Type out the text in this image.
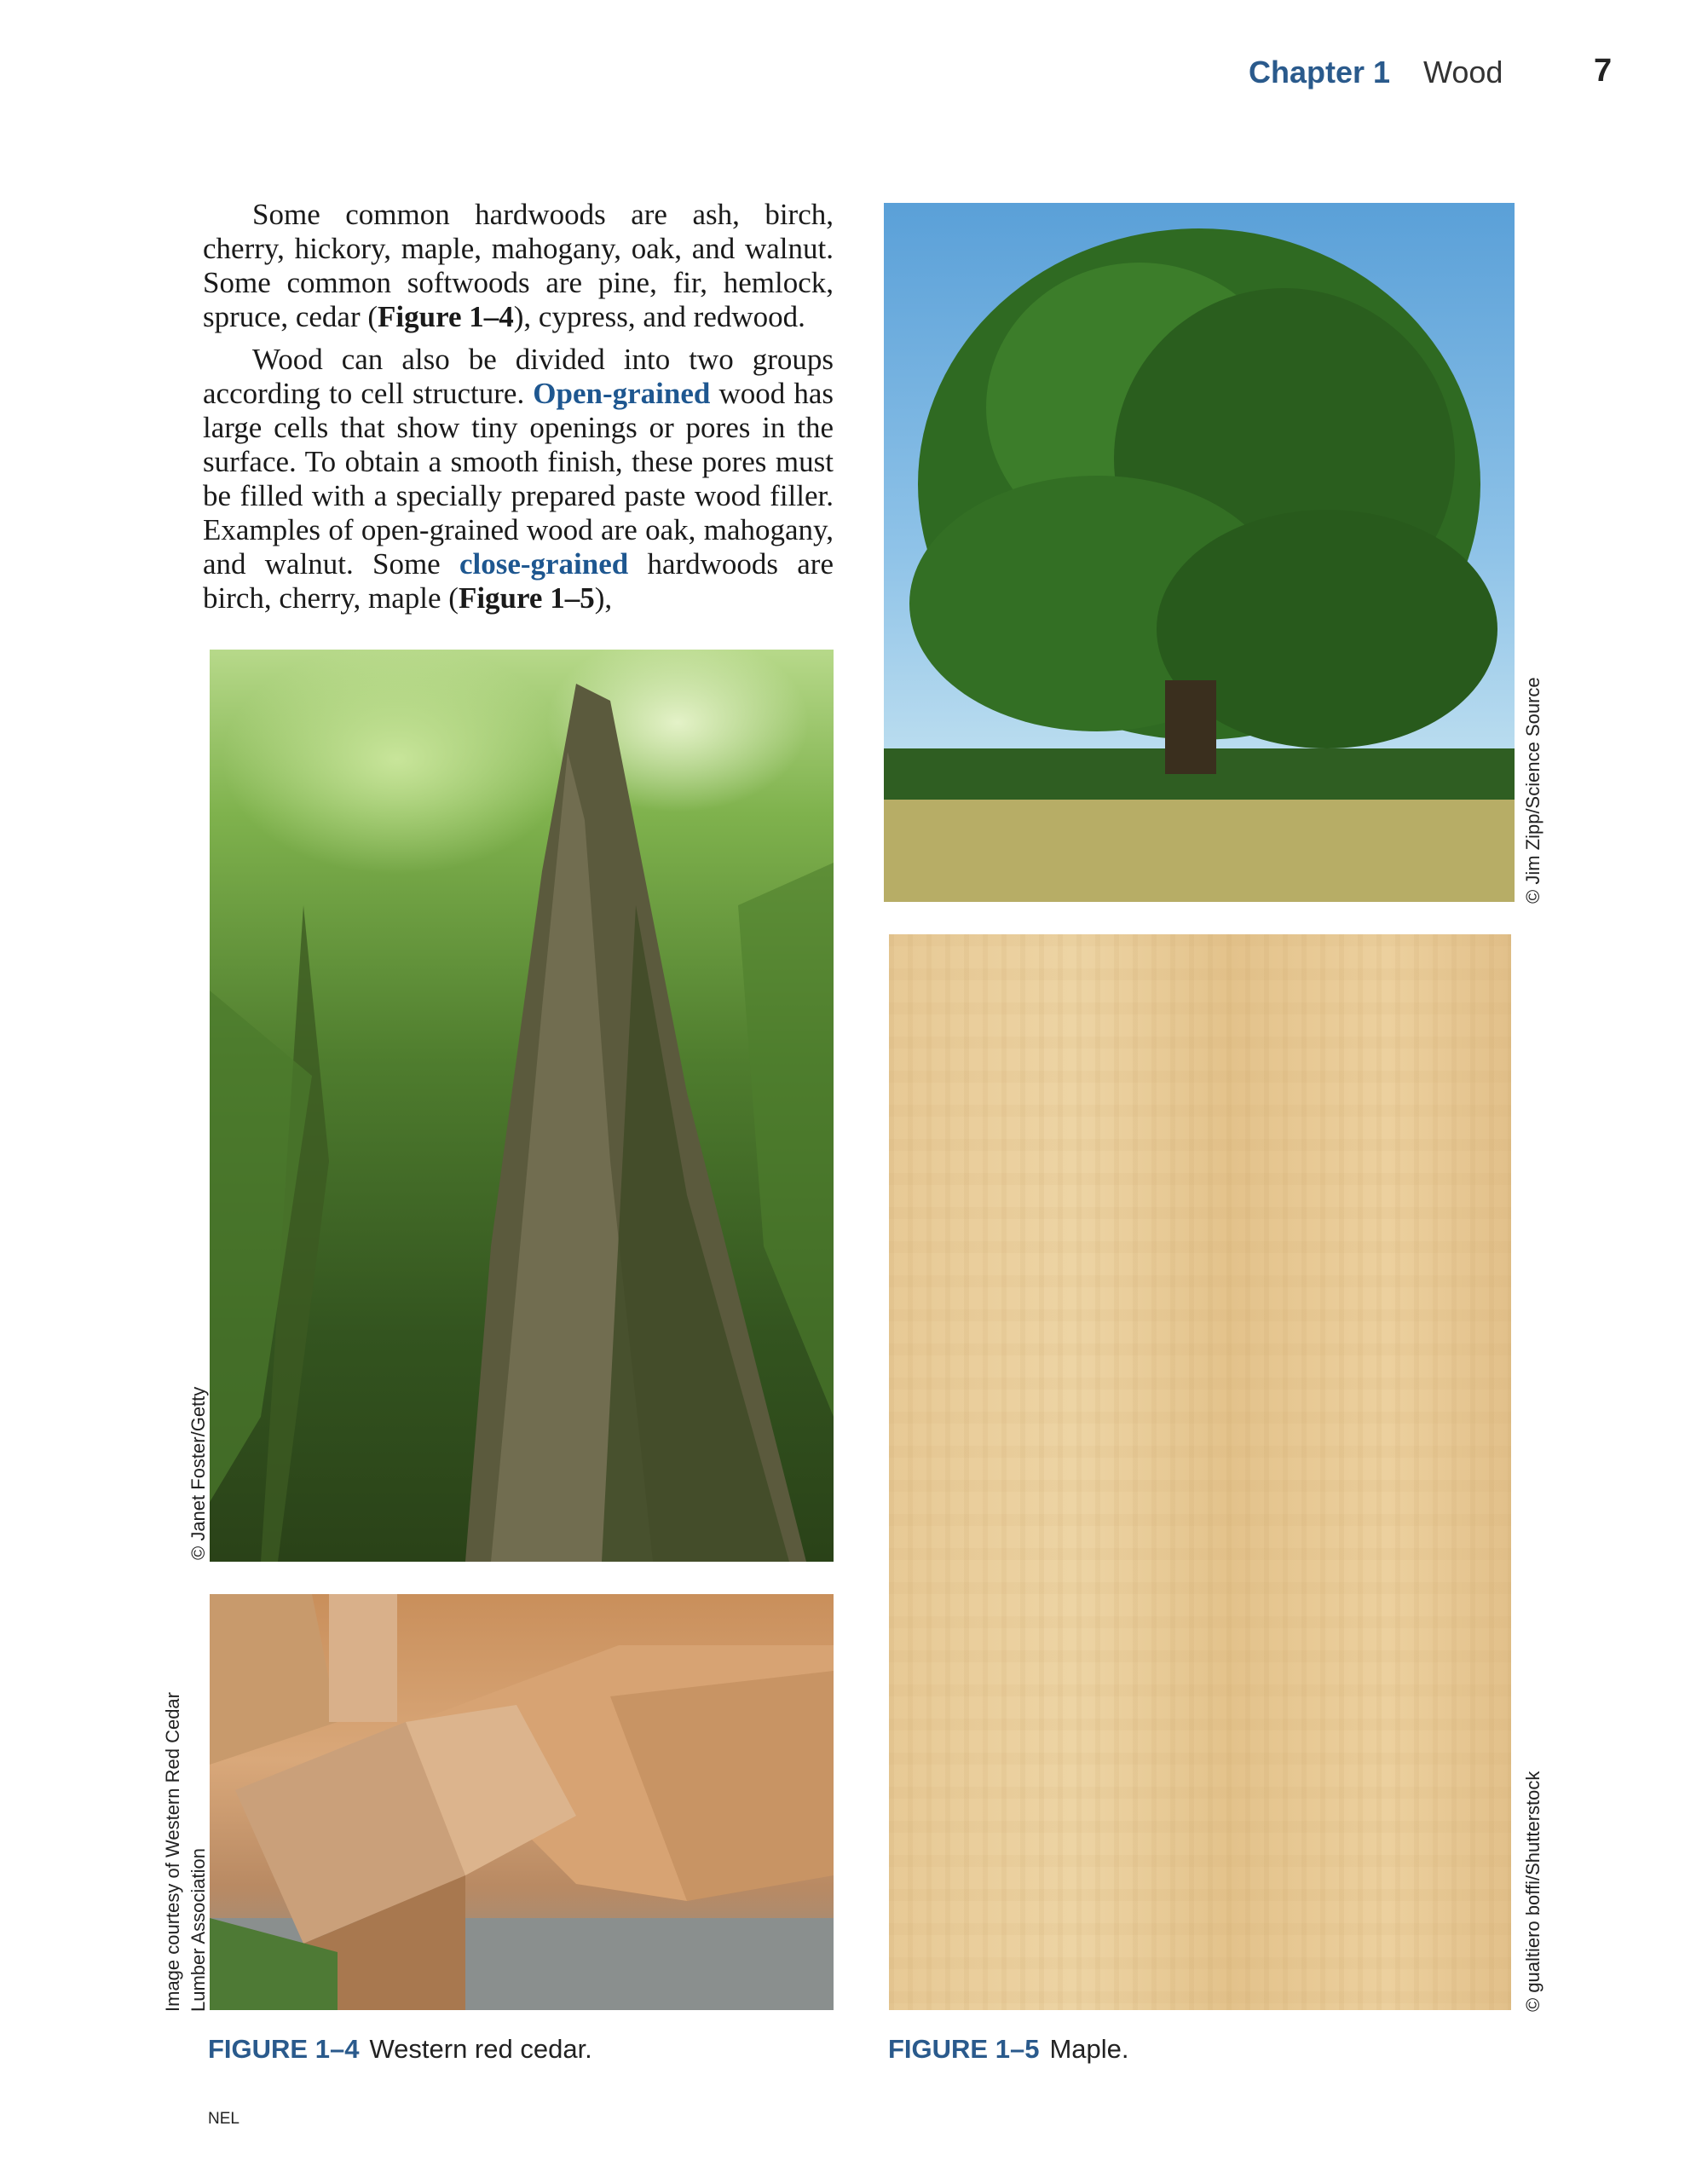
Chapter 1 Wood	7

Some common hardwoods are ash, birch, cherry, hickory, maple, mahogany, oak, and walnut. Some common softwoods are pine, fir, hemlock, spruce, cedar (Figure 1–4), cypress, and redwood.

Wood can also be divided into two groups according to cell structure. Open-grained wood has large cells that show tiny openings or pores in the surface. To obtain a smooth finish, these pores must be filled with a specially prepared paste wood filler. Examples of open-grained wood are oak, mahogany, and walnut. Some close-grained hardwoods are birch, cherry, maple (Figure 1–5),

© Janet Foster/Getty
Image courtesy of Western Red Cedar Lumber Association
© Jim Zipp/Science Source
© gualtiero boffi/Shutterstock
FIGURE 1–4 Western red cedar.	FIGURE 1–5 Maple.
NEL
